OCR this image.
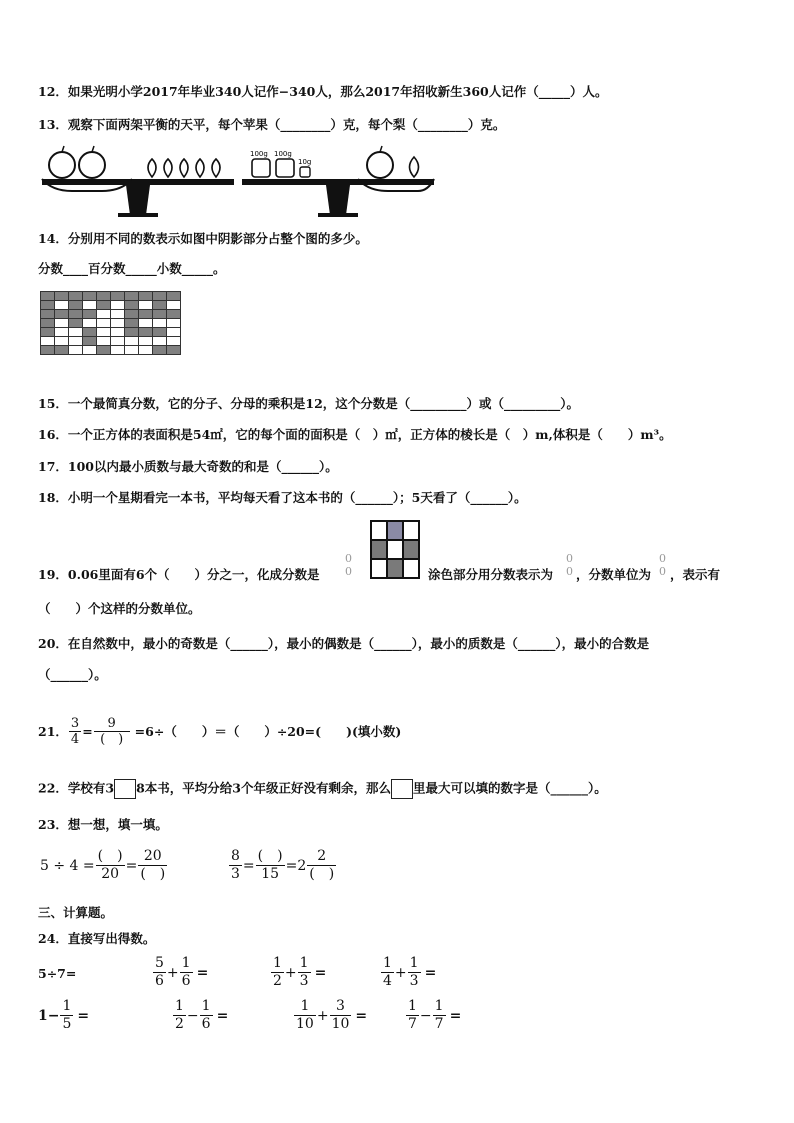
12．如果光明小学2017年毕业340人记作−340人，那么2017年招收新生360人记作（_____）人。
13．观察下面两架平衡的天平，每个苹果（________）克，每个梨（________）克。
100g 100g
10g
14．分别用不同的数表示如图中阴影部分占整个图的多少。
分数____百分数_____小数_____。

15．一个最简真分数，它的分子、分母的乘积是12，这个分数是（_________）或（_________）。
16．一个正方体的表面积是54㎡，它的每个面的面积是（　）㎡，正方体的棱长是（　）m,体积是（　　）m³。
17．100以内最小质数与最大奇数的和是（______）。
18．小明一个星期看完一本书，平均每天看了这本书的（______）；5天看了（______）。
19．0.06里面有6个（　　）分之一，化成分数是
0
0

			涂色部分用分数表示为
0
0 ，分数单位为
0
0 ，表示有
（　　）个这样的分数单位。
20．在自然数中，最小的奇数是（______），最小的偶数是（______），最小的质数是（______），最小的合数是
（______）。
21． $\frac{3}{4} = \frac{9}{( )} =6\div$（　　）＝（　　）÷20=(　　)(填小数)
22．学校有3 8本书，平均分给3个年级正好没有剩余，那么 里最大可以填的数字是（______）。
23．想一想，填一填。
$5 \div 4 = \frac{( )}{20} = \frac{20}{( )}$	$\frac{8}{3} = \frac{( )}{15} = 2 \frac{2}{( )}$
三、计算题。
24．直接写出得数。
5÷7=	$\frac{5}{6} + \frac{1}{6}$ =	$\frac{1}{2} + \frac{1}{3}$ =	$\frac{1}{4} + \frac{1}{3}$ =
$1- \frac{1}{5}$ =	$\frac{1}{2} - \frac{1}{6}$ =	$\frac{1}{10} + \frac{3}{10}$ =	$\frac{1}{7} - \frac{1}{7}$ =
